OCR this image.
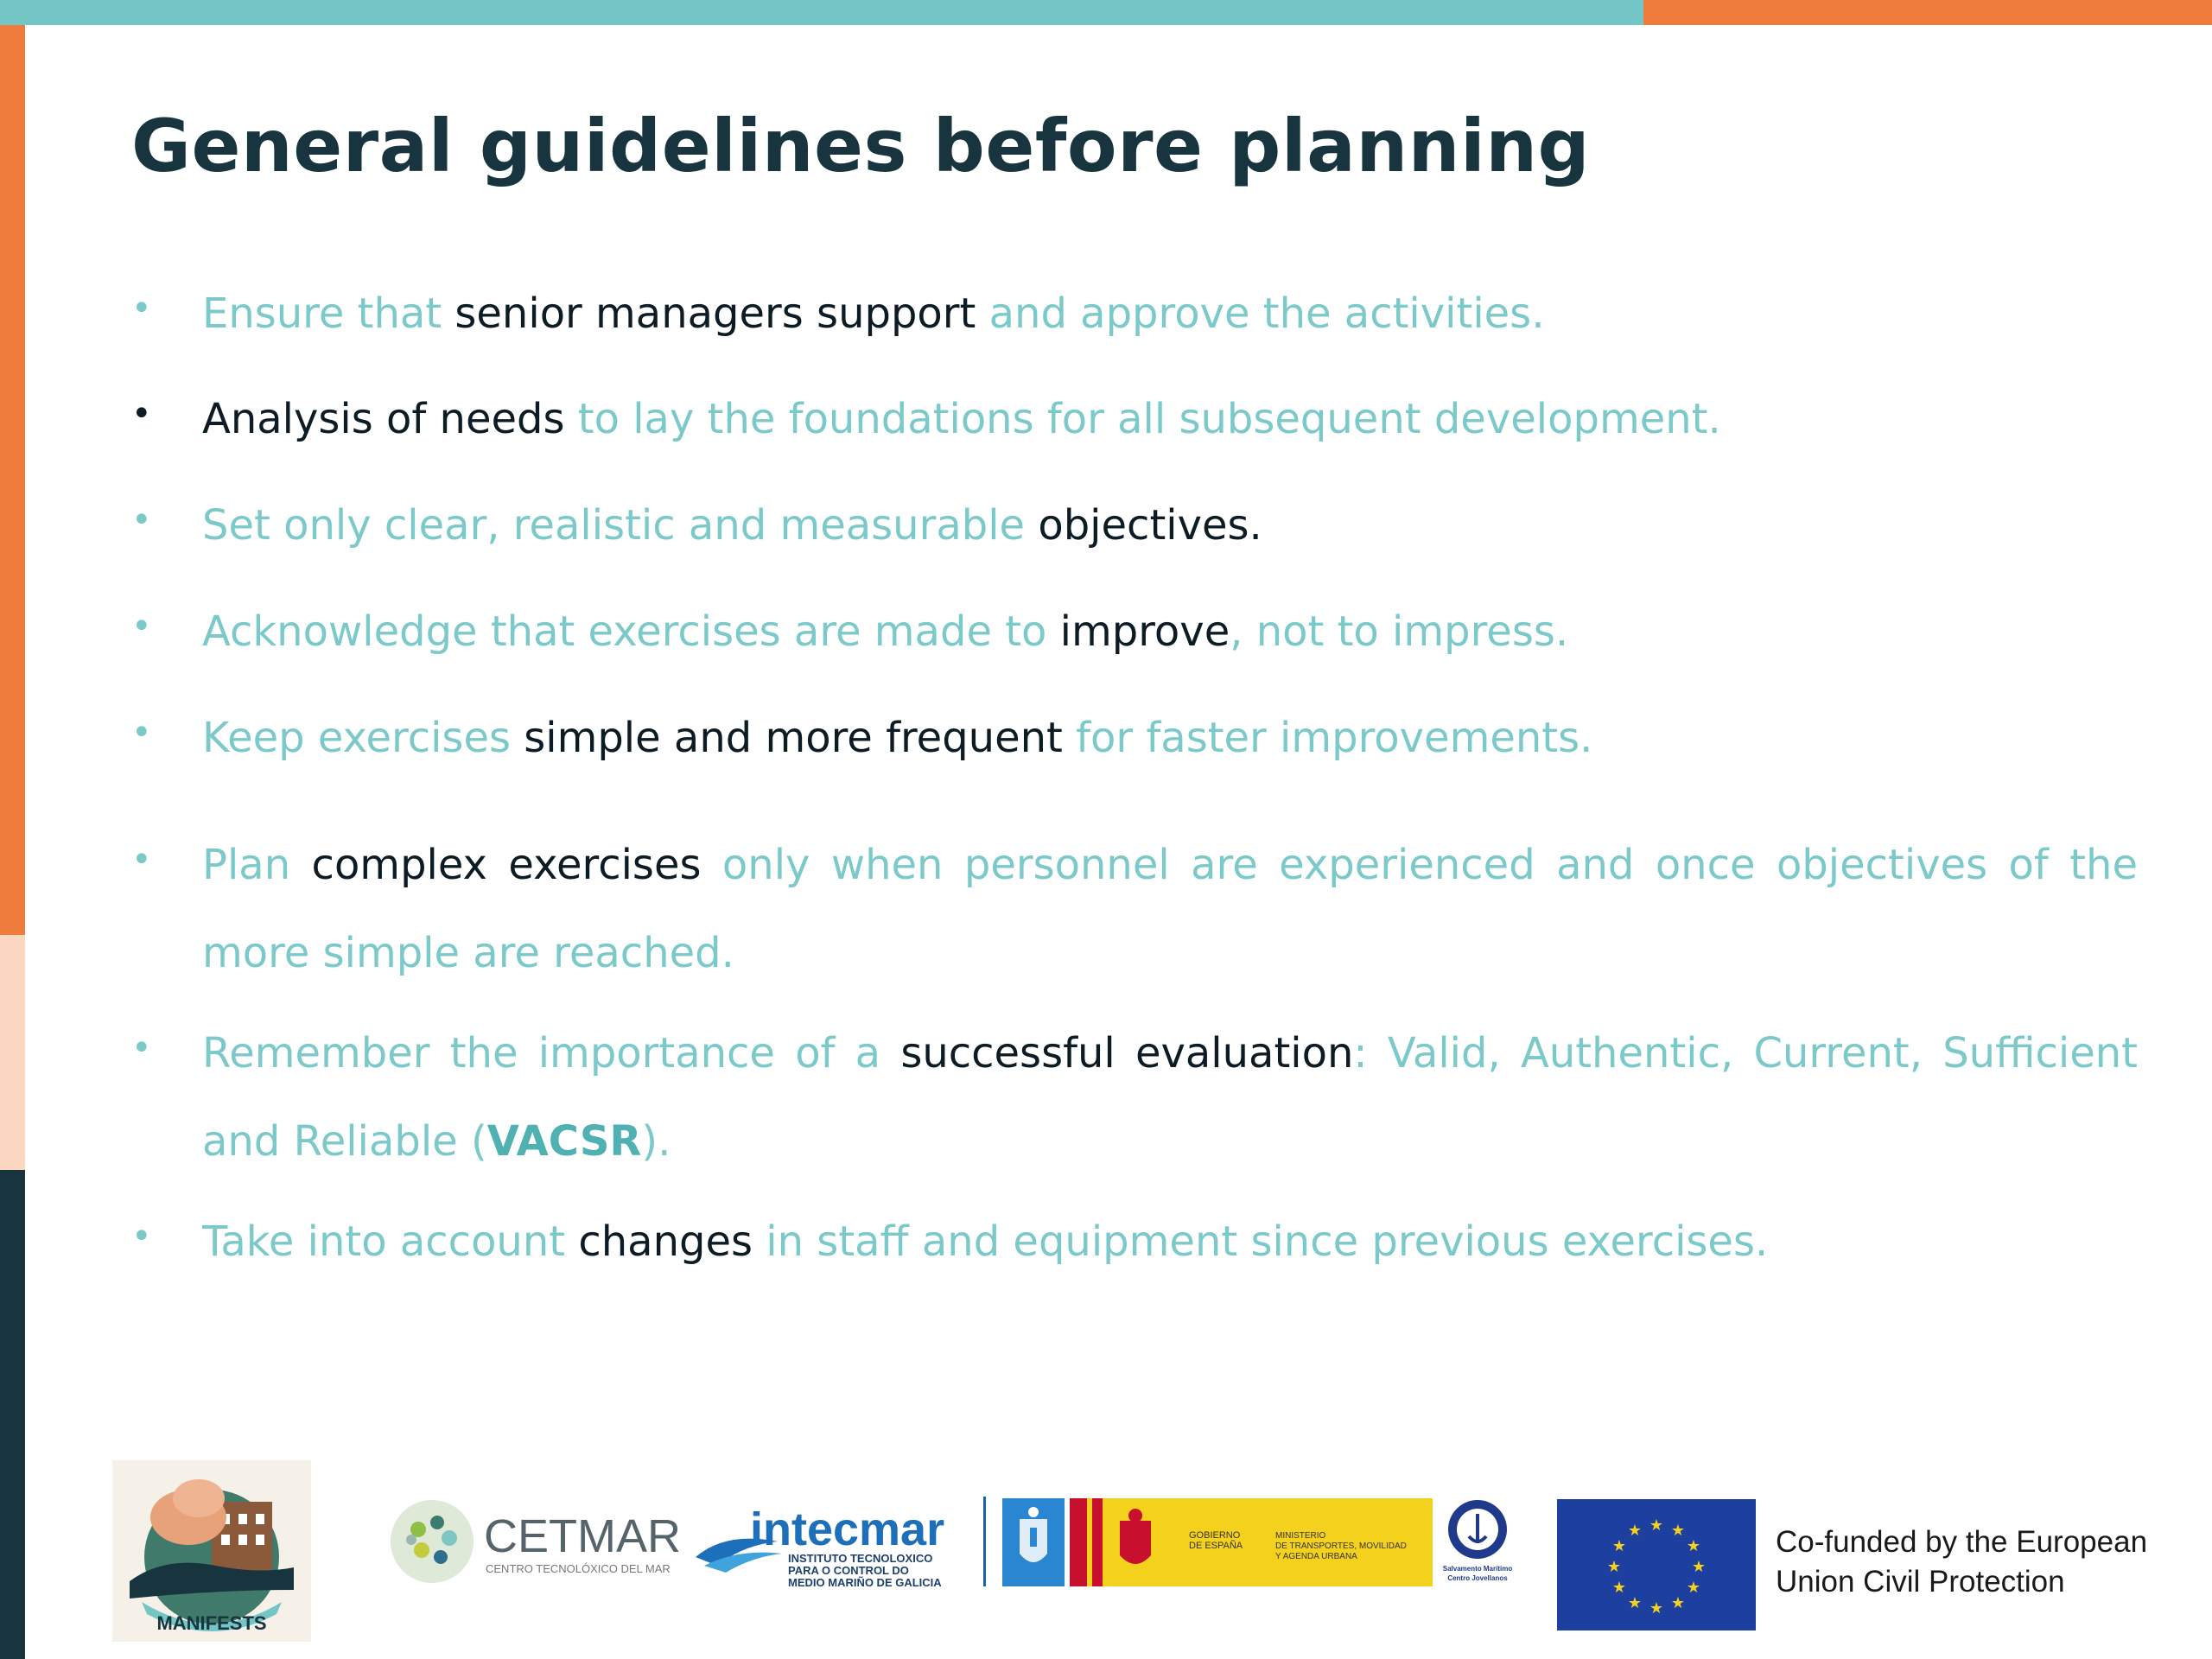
General guidelines before planning
•	Ensure that senior managers support and approve the activities.
•	Analysis of needs to lay the foundations for all subsequent development.
•	Set only clear, realistic and measurable objectives.
•	Acknowledge that exercises are made to improve, not to impress.
•	Keep exercises simple and more frequent for faster improvements.
•	Plan complex exercises only when personnel are experienced and once objectives of the more simple are reached.
•	Remember the importance of a successful evaluation: Valid, Authentic, Current, Sufficient and Reliable (VACSR).
•	Take into account changes in staff and equipment since previous exercises.
MANIFESTS
CETMAR
CENTRO TECNOLÓXICO DEL MAR
intecmar
INSTITUTO TECNOLOXICO
PARA O CONTROL DO
MEDIO MARIÑO DE GALICIA
GOBIERNO
DE ESPAÑA
MINISTERIO
DE TRANSPORTES, MOVILIDAD
Y AGENDA URBANA
Salvamento Marítimo
Centro Jovellanos
★ ★
★
★
★
★
★
★
★
★
★
★	Co-funded by the European
Union Civil Protection
